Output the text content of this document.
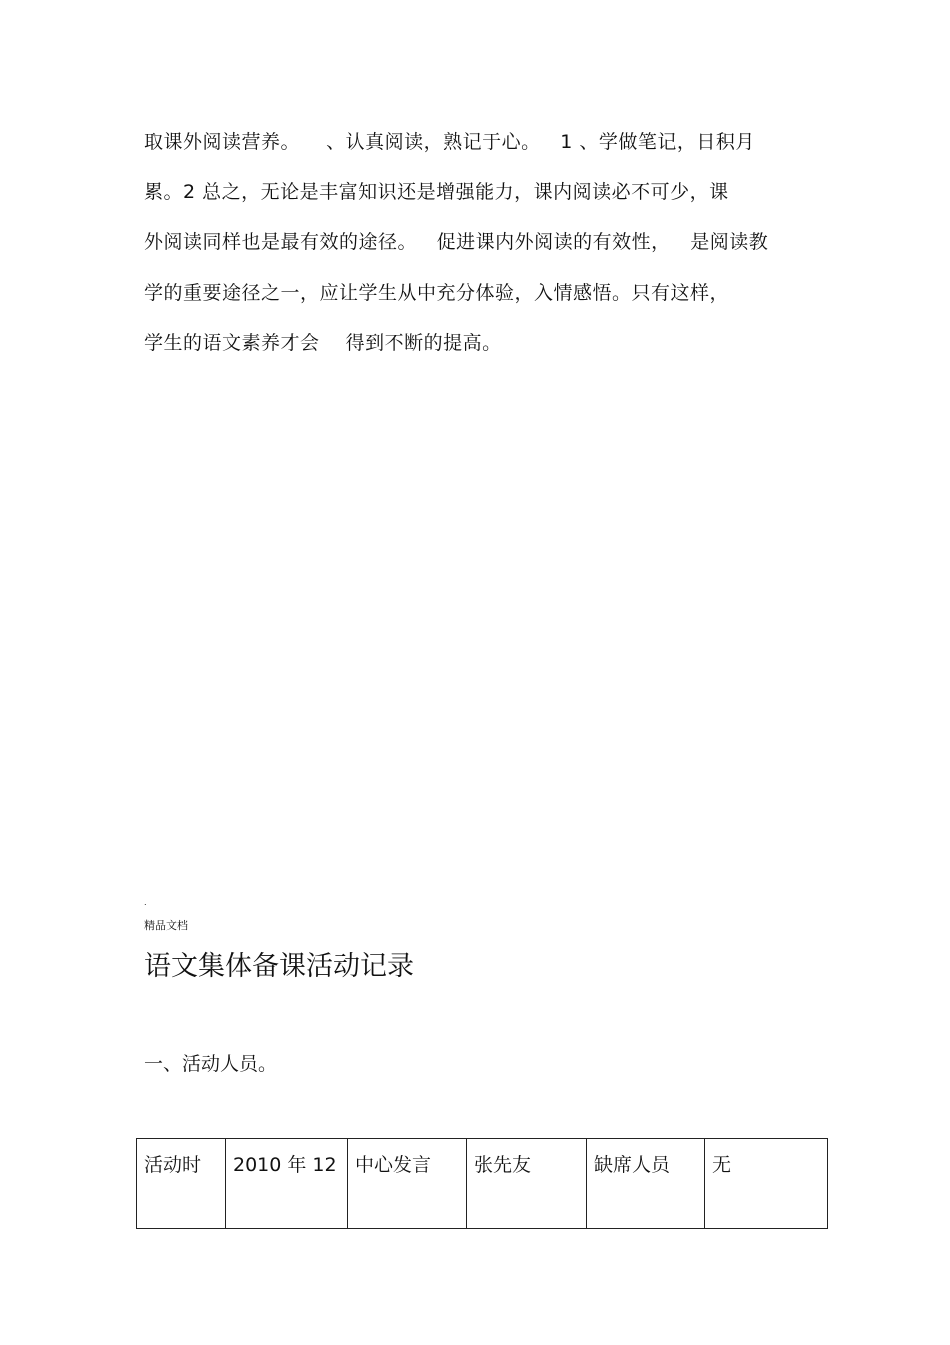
取课外阅读营养。    、认真阅读，熟记于心。   1 、学做笔记，日积月
累。2 总之，无论是丰富知识还是增强能力，课内阅读必不可少，课
外阅读同样也是最有效的途径。   促进课内外阅读的有效性，   是阅读教
学的重要途径之一，应让学生从中充分体验，入情感悟。只有这样，
学生的语文素养才会    得到不断的提高。
.
精品文档
语文集体备课活动记录
一、活动人员。
活动时	2010 年 12	中心发言	张先友	缺席人员	无
